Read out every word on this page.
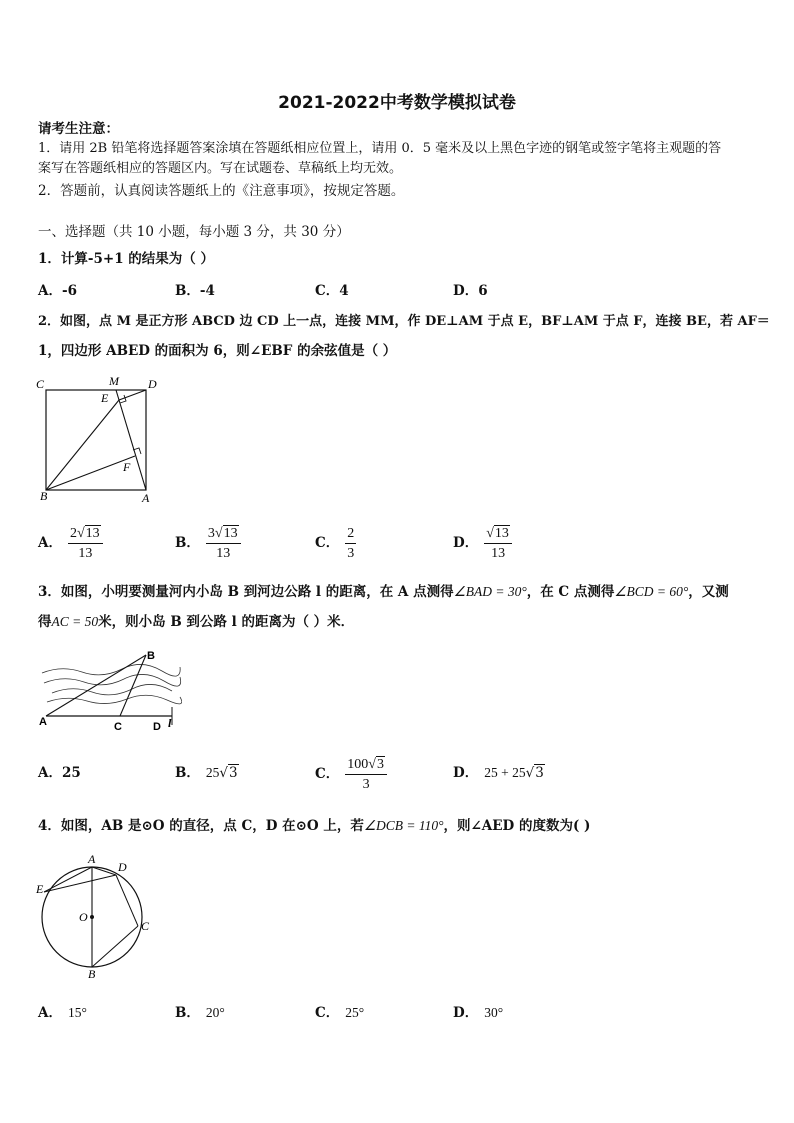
2021-2022中考数学模拟试卷
请考生注意：
1．请用 2B 铅笔将选择题答案涂填在答题纸相应位置上，请用 0．5 毫米及以上黑色字迹的钢笔或签字笔将主观题的答
案写在答题纸相应的答题区内。写在试题卷、草稿纸上均无效。
2．答题前，认真阅读答题纸上的《注意事项》，按规定答题。
一、选择题（共 10 小题，每小题 3 分，共 30 分）
1．计算-5+1 的结果为（ ）
A．-6	B．-4	C．4	D．6
2．如图，点 M 是正方形 ABCD 边 CD 上一点，连接 MM，作 DE⊥AM 于点 E，BF⊥AM 于点 F，连接 BE，若 AF＝
1，四边形 ABED 的面积为 6，则∠EBF 的余弦值是（ ）
C	M D
E
F
B	A
A． $\frac{2√13}{13}$	B． $\frac{3√13}{13}$	C． $\frac{2}{3}$	D． $\frac{√13}{13}$
3．如图，小明要测量河内小岛 B 到河边公路 l 的距离，在 A 点测得∠BAD = 30°，在 C 点测得∠BCD = 60°，又测
得AC = 50米，则小岛 B 到公路 l 的距离为（ ）米．
A	C	D l
B
A．25	B． 25√3	C． $\frac{100√3}{3}$	D． 25 + 25√3
4．如图，AB 是⊙O 的直径，点 C，D 在⊙O 上，若∠DCB = 110°，则∠AED 的度数为( )
A
D
E
O
C
B
A． 15°	B． 20°	C． 25°	D． 30°
